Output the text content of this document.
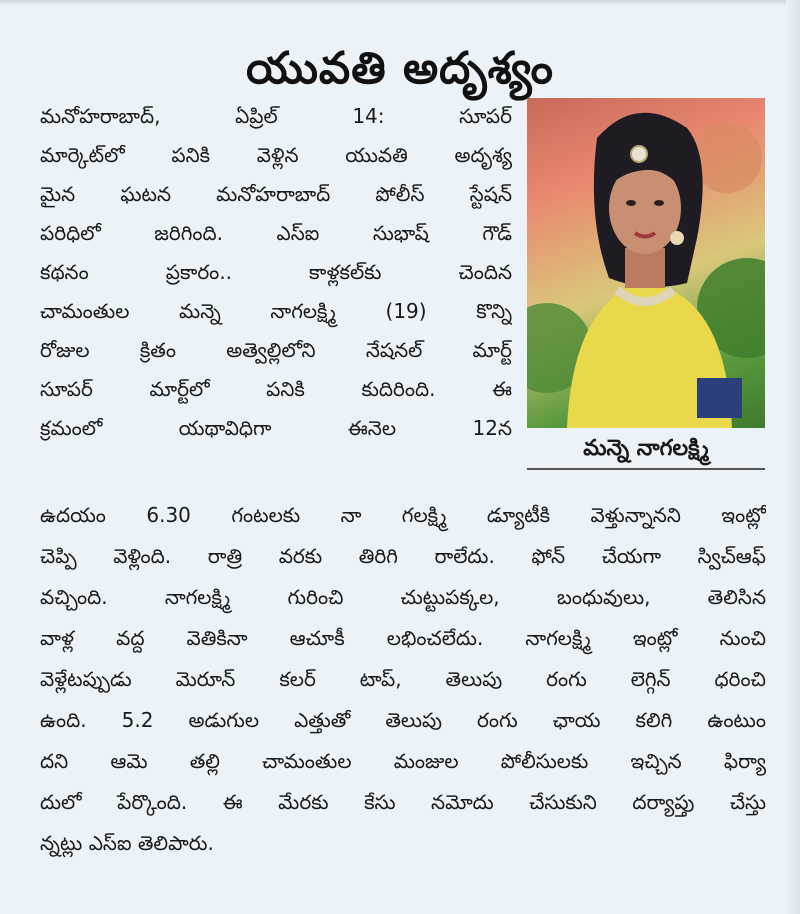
యువతి అదృశ్యం
మనోహరాబాద్, ఏప్రిల్ 14: సూపర్
మార్కెట్‌లో పనికి వెళ్లిన యువతి అదృశ్య
మైన ఘటన మనోహరాబాద్ పోలీస్ స్టేషన్
పరిధిలో జరిగింది. ఎస్ఐ సుభాష్ గౌడ్
కథనం ప్రకారం.. కాళ్లకల్‌కు చెందిన
చామంతుల మన్నె నాగలక్ష్మి (19) కొన్ని
రోజుల క్రితం అత్వెల్లిలోని నేషనల్ మార్ట్
సూపర్ మార్ట్‌లో పనికి కుదిరింది. ఈ
క్రమంలో యథావిధిగా ఈనెల 12న
మన్నె నాగలక్ష్మి
ఉదయం 6.30 గంటలకు నా గలక్ష్మి డ్యూటీకి వెళ్తున్నానని ఇంట్లో
చెప్పి వెళ్లింది. రాత్రి వరకు తిరిగి రాలేదు. ఫోన్ చేయగా స్విచ్ఆఫ్
వచ్చింది. నాగలక్ష్మి గురించి చుట్టుపక్కల, బంధువులు, తెలిసిన
వాళ్ల వద్ద వెతికినా ఆచూకీ లభించలేదు. నాగలక్ష్మి ఇంట్లో నుంచి
వెళ్లేటప్పుడు మెరూన్ కలర్ టాప్, తెలుపు రంగు లెగ్గిన్ ధరించి
ఉంది. 5.2 అడుగుల ఎత్తుతో తెలుపు రంగు ఛాయ కలిగి ఉంటుం
దని ఆమె తల్లి చామంతుల మంజుల పోలీసులకు ఇచ్చిన ఫిర్యా
దులో పేర్కొంది. ఈ మేరకు కేసు నమోదు చేసుకుని దర్యాప్తు చేస్తు
న్నట్లు ఎస్ఐ తెలిపారు.
